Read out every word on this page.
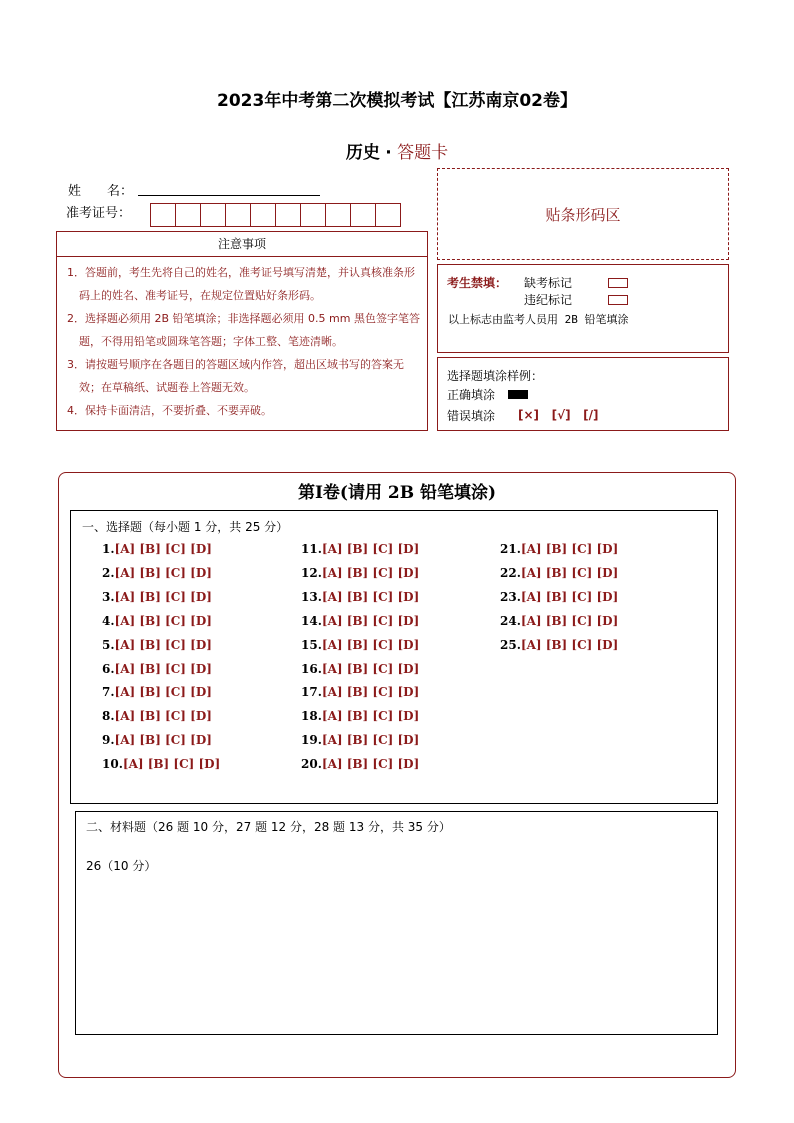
2023年中考第二次模拟考试【江苏南京02卷】
历史 · 答题卡
姓　　名：
准考证号：	贴条形码区
注意事项
1．答题前，考生先将自己的姓名，准考证号填写清楚，并认真核准条形码上的姓名、准考证号，在规定位置贴好条形码。
2．选择题必须用 2B 铅笔填涂；非选择题必须用 0.5 mm 黑色签字笔答题，不得用铅笔或圆珠笔答题；字体工整、笔迹清晰。
3．请按题号顺序在各题目的答题区域内作答，超出区域书写的答案无效；在草稿纸、试题卷上答题无效。
4．保持卡面清洁，不要折叠、不要弄破。
考生禁填： 缺考标记
违纪标记
以上标志由监考人员用 2B 铅笔填涂
选择题填涂样例：
正确填涂
错误填涂 [×] [√] [/]
第Ⅰ卷(请用 2B 铅笔填涂)
一、选择题（每小题 1 分，共 25 分）
1.[A] [B] [C] [D]
2.[A] [B] [C] [D]
3.[A] [B] [C] [D]
4.[A] [B] [C] [D]
5.[A] [B] [C] [D]
6.[A] [B] [C] [D]
7.[A] [B] [C] [D]
8.[A] [B] [C] [D]
9.[A] [B] [C] [D]
10.[A] [B] [C] [D]
11.[A] [B] [C] [D]
12.[A] [B] [C] [D]
13.[A] [B] [C] [D]
14.[A] [B] [C] [D]
15.[A] [B] [C] [D]
16.[A] [B] [C] [D]
17.[A] [B] [C] [D]
18.[A] [B] [C] [D]
19.[A] [B] [C] [D]
20.[A] [B] [C] [D]
21.[A] [B] [C] [D]
22.[A] [B] [C] [D]
23.[A] [B] [C] [D]
24.[A] [B] [C] [D]
25.[A] [B] [C] [D]
二、材料题（26 题 10 分，27 题 12 分，28 题 13 分，共 35 分）
26（10 分）
